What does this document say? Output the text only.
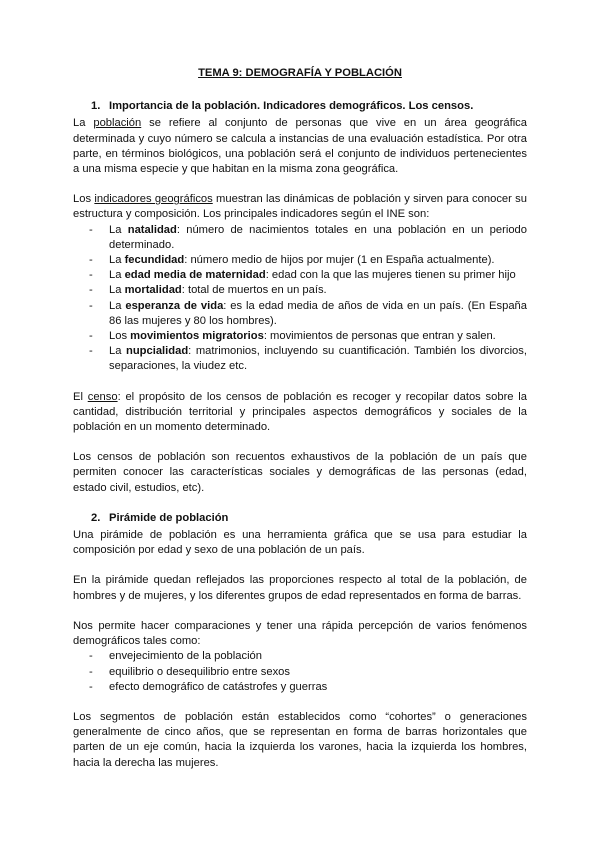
TEMA 9: DEMOGRAFÍA Y POBLACIÓN
1. Importancia de la población. Indicadores demográficos. Los censos.

La población se refiere al conjunto de personas que vive en un área geográfica determinada y cuyo número se calcula a instancias de una evaluación estadística. Por otra parte, en términos biológicos, una población será el conjunto de individuos pertenecientes a una misma especie y que habitan en la misma zona geográfica.

Los indicadores geográficos muestran las dinámicas de población y sirven para conocer su estructura y composición. Los principales indicadores según el INE son:

- La natalidad: número de nacimientos totales en una población en un periodo determinado.
- La fecundidad: número medio de hijos por mujer (1 en España actualmente).
- La edad media de maternidad: edad con la que las mujeres tienen su primer hijo
- La mortalidad: total de muertos en un país.
- La esperanza de vida: es la edad media de años de vida en un país. (En España 86 las mujeres y 80 los hombres).
- Los movimientos migratorios: movimientos de personas que entran y salen.
- La nupcialidad: matrimonios, incluyendo su cuantificación. También los divorcios, separaciones, la viudez etc.

El censo: el propósito de los censos de población es recoger y recopilar datos sobre la cantidad, distribución territorial y principales aspectos demográficos y sociales de la población en un momento determinado.

Los censos de población son recuentos exhaustivos de la población de un país que permiten conocer las características sociales y demográficas de las personas (edad, estado civil, estudios, etc).

2. Pirámide de población

Una pirámide de población es una herramienta gráfica que se usa para estudiar la composición por edad y sexo de una población de un país.

En la pirámide quedan reflejados las proporciones respecto al total de la población, de hombres y de mujeres, y los diferentes grupos de edad representados en forma de barras.

Nos permite hacer comparaciones y tener una rápida percepción de varios fenómenos demográficos tales como:

- envejecimiento de la población
- equilibrio o desequilibrio entre sexos
- efecto demográfico de catástrofes y guerras

Los segmentos de población están establecidos como “cohortes” o generaciones generalmente de cinco años, que se representan en forma de barras horizontales que parten de un eje común, hacia la izquierda los varones, hacia la izquierda los hombres, hacia la derecha las mujeres.
